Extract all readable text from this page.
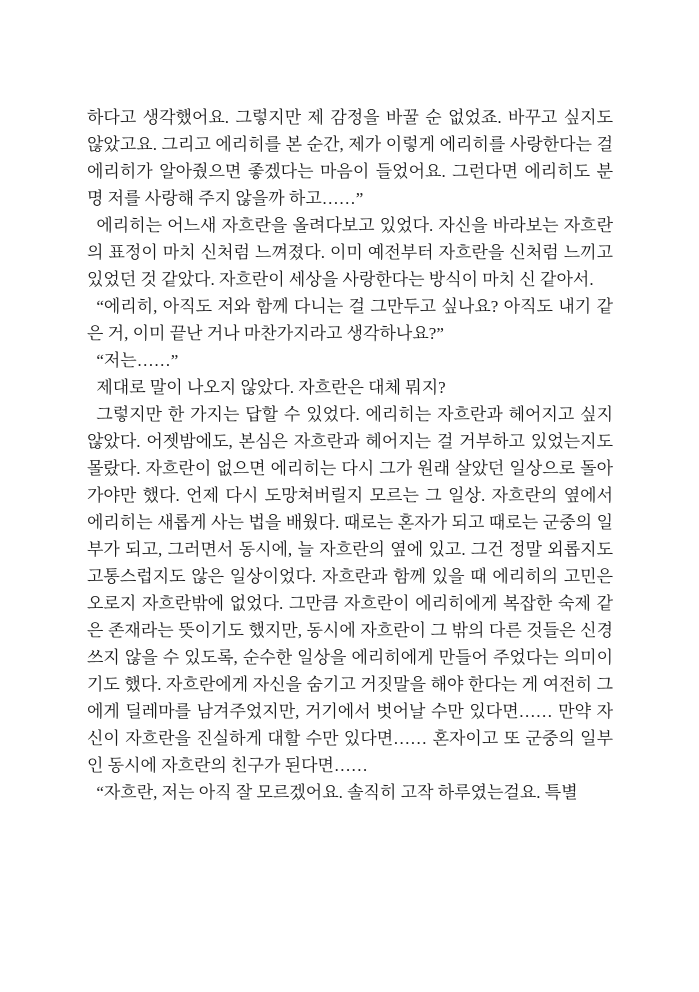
하다고 생각했어요. 그렇지만 제 감정을 바꿀 순 없었죠. 바꾸고 싶지도 않았고요. 그리고 에리히를 본 순간, 제가 이렇게 에리히를 사랑한다는 걸 에리히가 알아줬으면 좋겠다는 마음이 들었어요. 그런다면 에리히도 분명 저를 사랑해 주지 않을까 하고……”

에리히는 어느새 자흐란을 올려다보고 있었다. 자신을 바라보는 자흐란의 표정이 마치 신처럼 느껴졌다. 이미 예전부터 자흐란을 신처럼 느끼고 있었던 것 같았다. 자흐란이 세상을 사랑한다는 방식이 마치 신 같아서.

“에리히, 아직도 저와 함께 다니는 걸 그만두고 싶나요? 아직도 내기 같은 거, 이미 끝난 거나 마찬가지라고 생각하나요?”

“저는……”

제대로 말이 나오지 않았다. 자흐란은 대체 뭐지?

그렇지만 한 가지는 답할 수 있었다. 에리히는 자흐란과 헤어지고 싶지 않았다. 어젯밤에도, 본심은 자흐란과 헤어지는 걸 거부하고 있었는지도 몰랐다. 자흐란이 없으면 에리히는 다시 그가 원래 살았던 일상으로 돌아가야만 했다. 언제 다시 도망쳐버릴지 모르는 그 일상. 자흐란의 옆에서 에리히는 새롭게 사는 법을 배웠다. 때로는 혼자가 되고 때로는 군중의 일부가 되고, 그러면서 동시에, 늘 자흐란의 옆에 있고. 그건 정말 외롭지도 고통스럽지도 않은 일상이었다. 자흐란과 함께 있을 때 에리히의 고민은 오로지 자흐란밖에 없었다. 그만큼 자흐란이 에리히에게 복잡한 숙제 같은 존재라는 뜻이기도 했지만, 동시에 자흐란이 그 밖의 다른 것들은 신경 쓰지 않을 수 있도록, 순수한 일상을 에리히에게 만들어 주었다는 의미이기도 했다. 자흐란에게 자신을 숨기고 거짓말을 해야 한다는 게 여전히 그에게 딜레마를 남겨주었지만, 거기에서 벗어날 수만 있다면…… 만약 자신이 자흐란을 진실하게 대할 수만 있다면…… 혼자이고 또 군중의 일부인 동시에 자흐란의 친구가 된다면……

“자흐란, 저는 아직 잘 모르겠어요. 솔직히 고작 하루였는걸요. 특별
